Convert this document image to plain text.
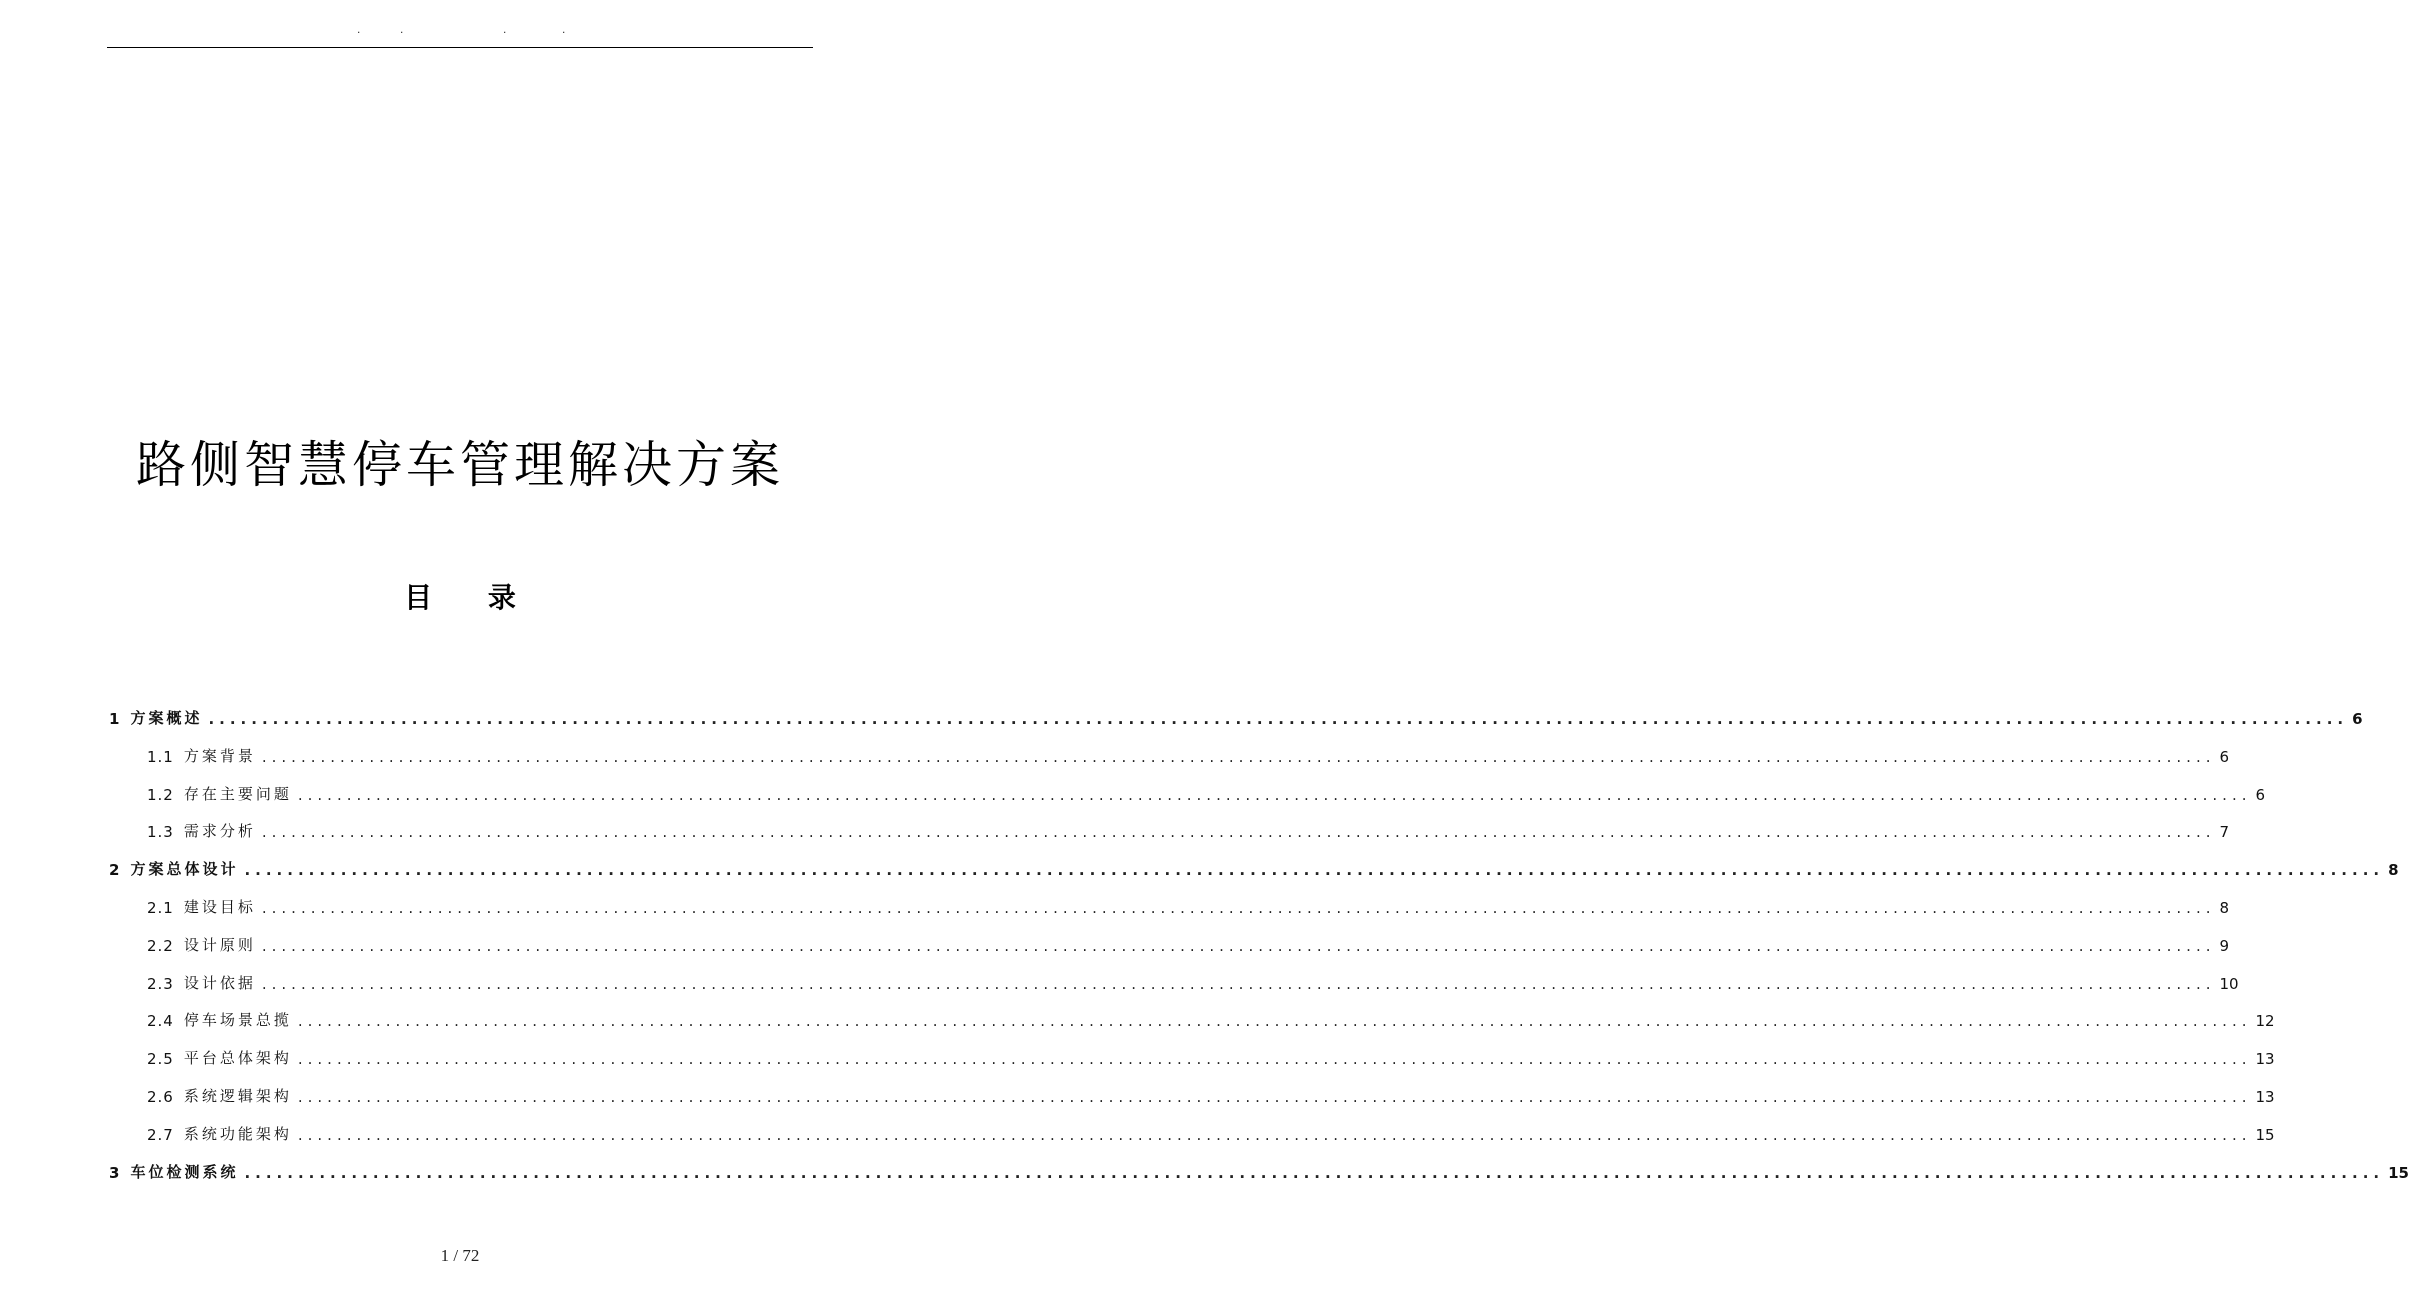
.	.	.	.
路侧智慧停车管理解决方案
目 录
1 方案概述 ........................................................................................................................................................................................................ 6
1.1 方案背景 ........................................................................................................................................................................................................ 6
1.2 存在主要问题 ........................................................................................................................................................................................................ 6
1.3 需求分析 ........................................................................................................................................................................................................ 7
2 方案总体设计 ........................................................................................................................................................................................................ 8
2.1 建设目标 ........................................................................................................................................................................................................ 8
2.2 设计原则 ........................................................................................................................................................................................................ 9
2.3 设计依据 ........................................................................................................................................................................................................ 10
2.4 停车场景总揽 ........................................................................................................................................................................................................ 12
2.5 平台总体架构 ........................................................................................................................................................................................................ 13
2.6 系统逻辑架构 ........................................................................................................................................................................................................ 13
2.7 系统功能架构 ........................................................................................................................................................................................................ 15
3 车位检测系统 ........................................................................................................................................................................................................ 15
1 / 72
